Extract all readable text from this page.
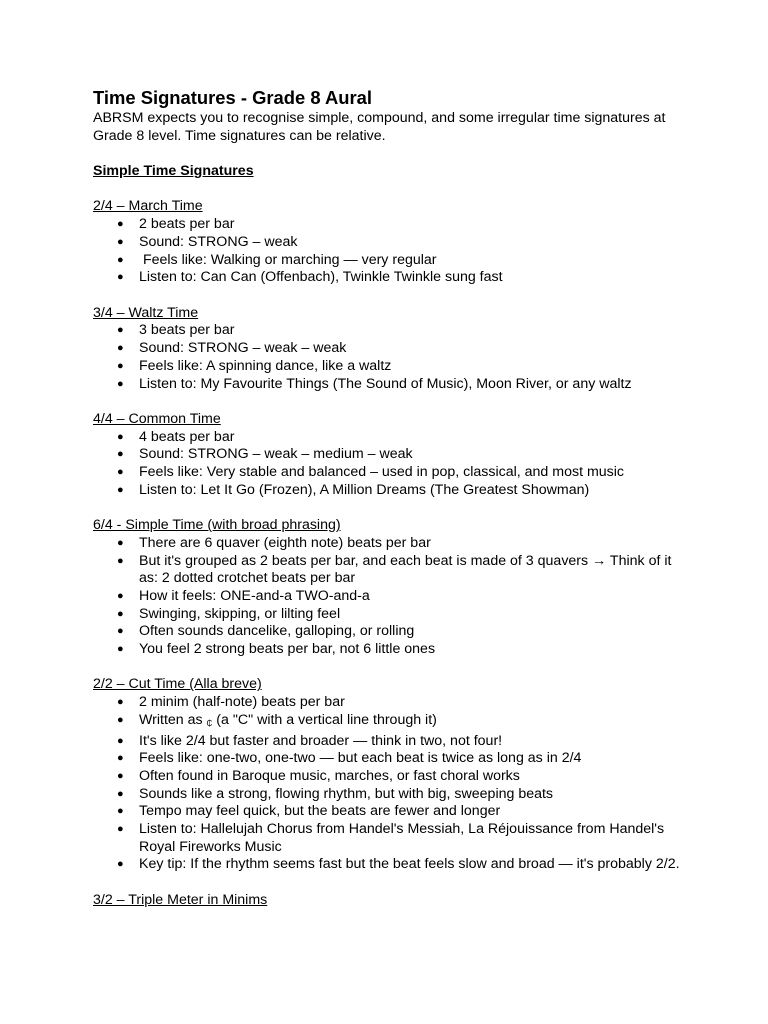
Time Signatures - Grade 8 Aural

ABRSM expects you to recognise simple, compound, and some irregular time signatures at Grade 8 level. Time signatures can be relative.

Simple Time Signatures

2/4 – March Time

● 2 beats per bar
● Sound: STRONG – weak
● Feels like: Walking or marching — very regular
● Listen to: Can Can (Offenbach), Twinkle Twinkle sung fast

3/4 – Waltz Time

● 3 beats per bar
● Sound: STRONG – weak – weak
● Feels like: A spinning dance, like a waltz
● Listen to: My Favourite Things (The Sound of Music), Moon River, or any waltz

4/4 – Common Time

● 4 beats per bar
● Sound: STRONG – weak – medium – weak
● Feels like: Very stable and balanced – used in pop, classical, and most music
● Listen to: Let It Go (Frozen), A Million Dreams (The Greatest Showman)

6/4 - Simple Time (with broad phrasing)

● There are 6 quaver (eighth note) beats per bar
● But it's grouped as 2 beats per bar, and each beat is made of 3 quavers → Think of it as: 2 dotted crotchet beats per bar
● How it feels: ONE-and-a TWO-and-a
● Swinging, skipping, or lilting feel
● Often sounds dancelike, galloping, or rolling
● You feel 2 strong beats per bar, not 6 little ones

2/2 – Cut Time (Alla breve)

● 2 minim (half-note) beats per bar
● Written as ₵ (a "C" with a vertical line through it)
● It's like 2/4 but faster and broader — think in two, not four!
● Feels like: one-two, one-two — but each beat is twice as long as in 2/4
● Often found in Baroque music, marches, or fast choral works
● Sounds like a strong, flowing rhythm, but with big, sweeping beats
● Tempo may feel quick, but the beats are fewer and longer
● Listen to: Hallelujah Chorus from Handel's Messiah, La Réjouissance from Handel's Royal Fireworks Music
● Key tip: If the rhythm seems fast but the beat feels slow and broad — it's probably 2/2.

3/2 – Triple Meter in Minims
